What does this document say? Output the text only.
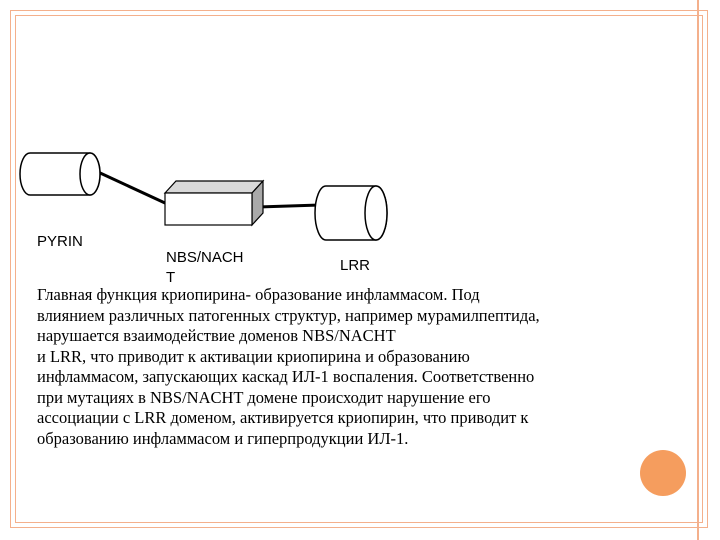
PYRIN
NBS/NACH
T
LRR
Главная функция криопирина- образование инфламмасом. Под
влиянием различных патогенных структур, например мурамилпептида,
нарушается взаимодействие доменов NBS/NACHT
и LRR, что приводит к активации криопирина и образованию
инфламмасом, запускающих каскад ИЛ-1 воспаления. Соответственно
при мутациях в NBS/NACHT домене происходит нарушение его
ассоциации с LRR доменом, активируется криопирин, что приводит к
образованию инфламмасом и гиперпродукции ИЛ-1.
